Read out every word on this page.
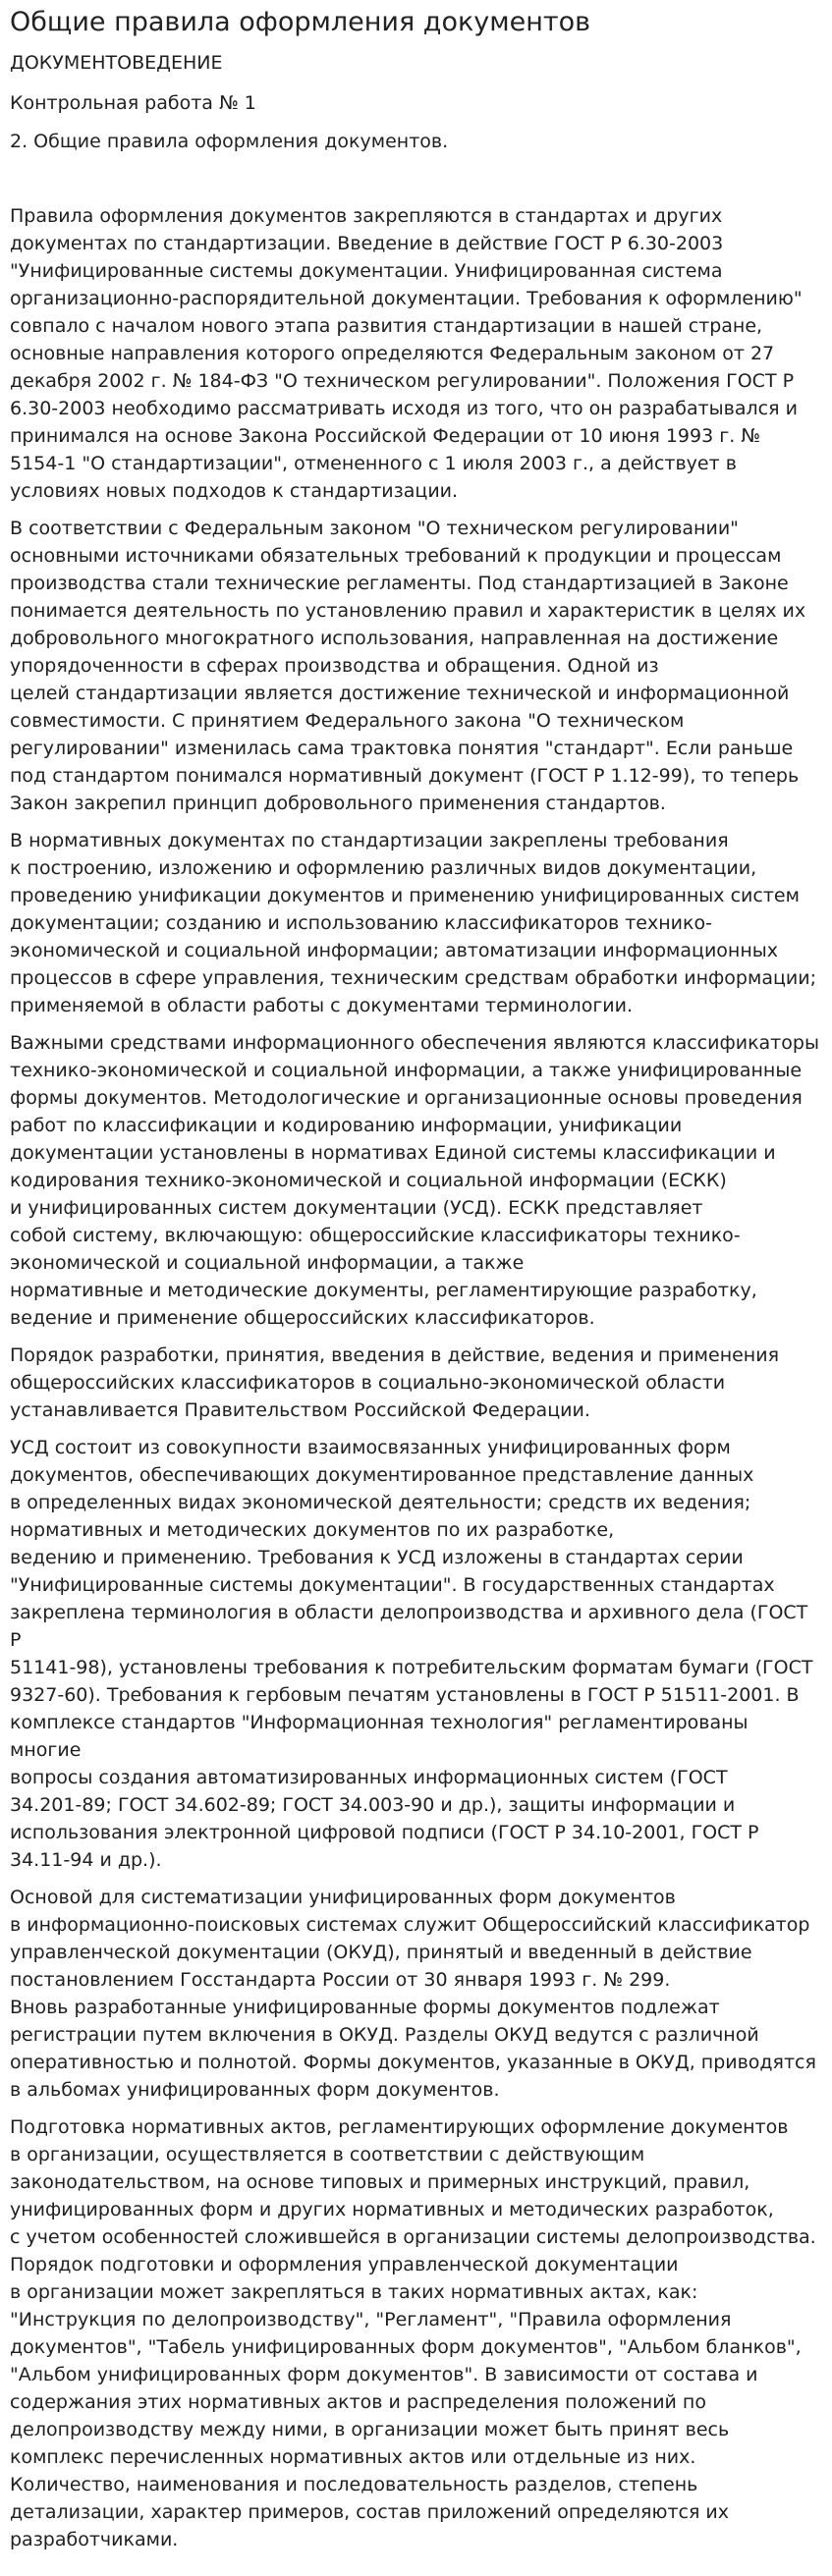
Общие правила оформления документов
ДОКУМЕНТОВЕДЕНИЕ
Контрольная работа № 1
2. Общие правила оформления документов.

Правила оформления документов закрепляются в стандартах и других
документах по стандартизации. Введение в действие ГОСТ Р 6.30-2003
"Унифицированные системы документации. Унифицированная система
организационно-распорядительной документации. Требования к оформлению"
совпало с началом нового этапа развития стандартизации в нашей стране,
основные направления которого определяются Федеральным законом от 27
декабря 2002 г. № 184-ФЗ "О техническом регулировании". Положения ГОСТ Р
6.30-2003 необходимо рассматривать исходя из того, что он разрабатывался и
принимался на основе Закона Российской Федерации от 10 июня 1993 г. №
5154-1 "О стандартизации", отмененного с 1 июля 2003 г., а действует в
условиях новых подходов к стандартизации.

В соответствии с Федеральным законом "О техническом регулировании"
основными источниками обязательных требований к продукции и процессам
производства стали технические регламенты. Под стандартизацией в Законе
понимается деятельность по установлению правил и характеристик в целях их
добровольного многократного использования, направленная на достижение
упорядоченности в сферах производства и обращения. Одной из
целей стандартизации является достижение технической и информационной
совместимости. С принятием Федерального закона "О техническом
регулировании" изменилась сама трактовка понятия "стандарт". Если раньше
под стандартом понимался нормативный документ (ГОСТ Р 1.12-99), то теперь
Закон закрепил принцип добровольного применения стандартов.

В нормативных документах по стандартизации закреплены требования
к построению, изложению и оформлению различных видов документации,
проведению унификации документов и применению унифицированных систем
документации; созданию и использованию классификаторов технико-
экономической и социальной информации; автоматизации информационных
процессов в сфере управления, техническим средствам обработки информации;
применяемой в области работы с документами терминологии.

Важными средствами информационного обеспечения являются классификаторы
технико-экономической и социальной информации, а также унифицированные
формы документов. Методологические и организационные основы проведения
работ по классификации и кодированию информации, унификации
документации установлены в нормативах Единой системы классификации и
кодирования технико-экономической и социальной информации (ЕСКК)
и унифицированных систем документации (УСД). ЕСКК представляет
собой систему, включающую: общероссийские классификаторы технико-
экономической и социальной информации, а также
нормативные и методические документы, регламентирующие разработку,
ведение и применение общероссийских классификаторов.

Порядок разработки, принятия, введения в действие, ведения и применения
общероссийских классификаторов в социально-экономической области
устанавливается Правительством Российской Федерации.

УСД состоит из совокупности взаимосвязанных унифицированных форм
документов, обеспечивающих документированное представление данных
в определенных видах экономической деятельности; средств их ведения;
нормативных и методических документов по их разработке,
ведению и применению. Требования к УСД изложены в стандартах серии
"Унифицированные системы документации". В государственных стандартах
закреплена терминология в области делопроизводства и архивного дела (ГОСТ Р
51141-98), установлены требования к потребительским форматам бумаги (ГОСТ
9327-60). Требования к гербовым печатям установлены в ГОСТ Р 51511-2001. В
комплексе стандартов "Информационная технология" регламентированы многие
вопросы создания автоматизированных информационных систем (ГОСТ
34.201-89; ГОСТ 34.602-89; ГОСТ 34.003-90 и др.), защиты информации и
использования электронной цифровой подписи (ГОСТ Р 34.10-2001, ГОСТ Р
34.11-94 и др.).

Основой для систематизации унифицированных форм документов
в информационно-поисковых системах служит Общероссийский классификатор
управленческой документации (ОКУД), принятый и введенный в действие
постановлением Госстандарта России от 30 января 1993 г. № 299.
Вновь разработанные унифицированные формы документов подлежат
регистрации путем включения в ОКУД. Разделы ОКУД ведутся с различной
оперативностью и полнотой. Формы документов, указанные в ОКУД, приводятся
в альбомах унифицированных форм документов.

Подготовка нормативных актов, регламентирующих оформление документов
в организации, осуществляется в соответствии с действующим
законодательством, на основе типовых и примерных инструкций, правил,
унифицированных форм и других нормативных и методических разработок,
с учетом особенностей сложившейся в организации системы делопроизводства.
Порядок подготовки и оформления управленческой документации
в организации может закрепляться в таких нормативных актах, как:
"Инструкция по делопроизводству", "Регламент", "Правила оформления
документов", "Табель унифицированных форм документов", "Альбом бланков",
"Альбом унифицированных форм документов". В зависимости от состава и
содержания этих нормативных актов и распределения положений по
делопроизводству между ними, в организации может быть принят весь
комплекс перечисленных нормативных актов или отдельные из них.
Количество, наименования и последовательность разделов, степень
детализации, характер примеров, состав приложений определяются их
разработчиками.
